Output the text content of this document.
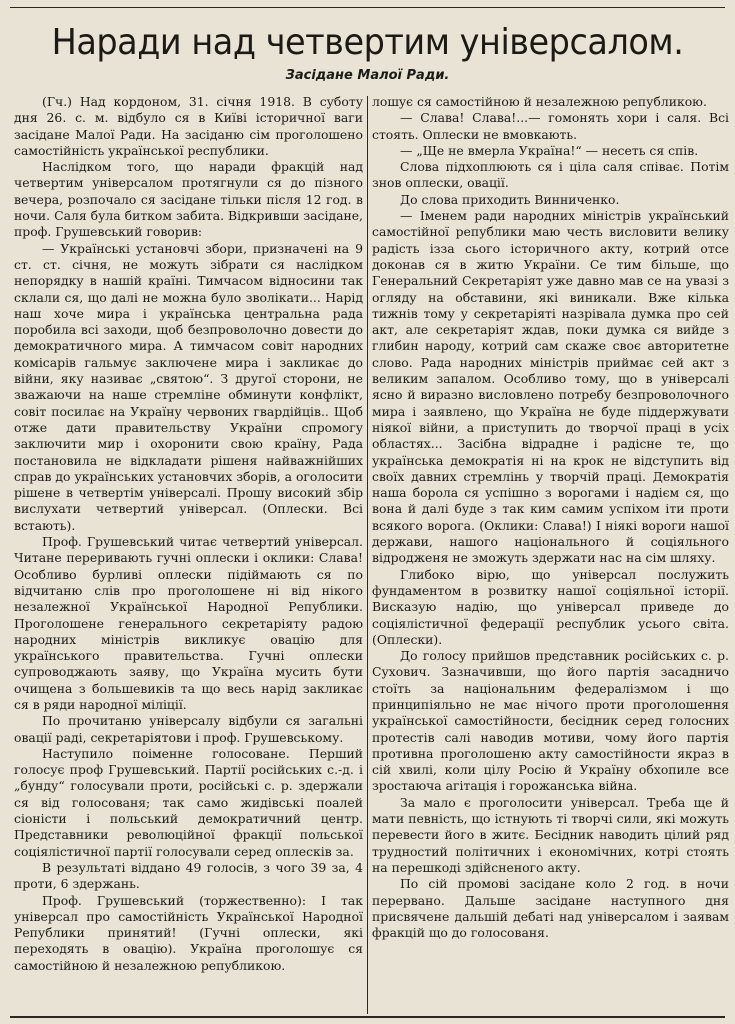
Наради над четвертим універсалом.
Засідане Малої Ради.

(Гч.) Над кордоном, 31. січня 1918. В суботу дня 26. с. м. відбуло ся в Київі історичної ваги засідане Малої Ради. На засіданю сім проголошено самостійність української республики.

Наслідком того, що наради фракцій над четвертим універсалом протягнули ся до пізного вечера, розпочало ся засідане тільки після 12 год. в ночи. Саля була битком забита. Відкривши засідане, проф. Грушевський говорив:

— Українські установчі збори, призначені на 9 ст. ст. січня, не можуть зібрати ся наслідком непорядку в нашій країні. Тимчасом відносини так склали ся, що далі не можна було зволікати... Нарід наш хоче мира і українська центральна рада поробила всі заходи, щоб безпроволочно довести до демократичного мира. А тимчасом совіт народних комісарів гальмує заключене мира і закликає до війни, яку називає „святою“. З другої сторони, не зважаючи на наше стремліне обминути конфлікт, совіт посилає на Україну червоних гвардійців.. Щоб отже дати правительству України спромогу заключити мир і охоронити свою країну, Рада постановила не відкладати рішеня найважнійших справ до українських установчих зборів, а оголосити рішене в четвертім універсалі. Прошу високий збір вислухати четвертий універсал. (Оплески. Всі встають).

Проф. Грушевський читає четвертий універсал. Читане переривають гучні оплески і оклики: Слава! Особливо бурливі оплески підіймають ся по відчитаню слів про проголошене ні від нікого незалежної Української Народної Републики. Проголошене генерального секретаріяту радою народних міністрів викликує овацію для українського правительства. Гучні оплески супроводжають заяву, що Україна мусить бути очищена з большевиків та що весь нарід закликає ся в ряди народної міліції.

По прочитаню універсалу відбули ся загальні овації раді, секретаріятови і проф. Грушевському.

Наступило поіменне голосоване. Перший голосує проф Грушевський. Партії російських с.-д. і „бунду“ голосували проти, російські с. р. здержали ся від голосованя; так само жидівські поалей сіоністи і польський демократичний центр. Представники революційної фракції польської соціялістичної партії голосували серед оплесків за.

В результаті віддано 49 голосів, з чого 39 за, 4 проти, 6 здержань.

Проф. Грушевський (торжественно): І так універсал про самостійність Української Народної Републики принятий! (Гучні оплески, які переходять в овацію). Україна проголошує ся самостійною й незалежною републикою.

лошує ся самостійною й незалежною републикою.

— Слава! Слава!...— гомонять хори і саля. Всі стоять. Оплески не вмовкають.

— „Ще не вмерла Україна!“ — несеть ся спів.

Слова підхоплюють ся і ціла саля співає. Потім знов оплески, овації.

До слова приходить Винниченко.

— Іменем ради народних міністрів український самостійної републики маю честь висловити велику радість ізза сього історичного акту, котрий отсе доконав ся в житю України. Се тим більше, що Генеральний Секретаріят уже давно мав се на увазі з огляду на обставини, які виникали. Вже кілька тижнів тому у секретаріяті назрівала думка про сей акт, але секретаріят ждав, поки думка ся вийде з глибин народу, котрий сам скаже своє авторитетне слово. Рада народних міністрів приймає сей акт з великим запалом. Особливо тому, що в універсалі ясно й виразно висловлено потребу безпроволочного мира і заявлено, що Україна не буде піддержувати ніякої війни, а приступить до творчої праці в усіх областях... Засібна відрадне і радісне те, що українська демократія ні на крок не відступить від своїх давних стремлінь у творчій праці. Демократія наша борола ся успішно з ворогами і надієм ся, що вона й далі буде з так ким самим успіхом іти проти всякого ворога. (Оклики: Слава!) І ніякі вороги нашої держави, нашого національного й соціяльного відродженя не зможуть здержати нас на сім шляху.

Глибоко вірю, що універсал послужить фундаментом в розвитку нашої соціяльної історії. Висказую надію, що універсал приведе до соціялістичної федерації республик усього світа. (Оплески).

До голосу прийшов представник російських с. р. Сухович. Зазначивши, що його партія засадничо стоїть за національним федералізмом і що принципіяльно не має нічого проти проголошення української самостійности, бесідник серед голосних протестів салі наводив мотиви, чому його партія противна проголошеню акту самостійности якраз в сій хвилі, коли цілу Росію й Україну обхопиле все зростаюча агітація і горожанська війна.

За мало є проголосити універсал. Треба ще й мати певність, що істнують ті творчі сили, які можуть перевести його в житє. Бесідник наводить цілий ряд трудностий політичних і економічних, котрі стоять на перешкоді здійсненого акту.

По сій промові засідане коло 2 год. в ночи перервано. Дальше засідане наступного дня присвячене дальшій дебаті над універсалом і заявам фракцій що до голосованя.
